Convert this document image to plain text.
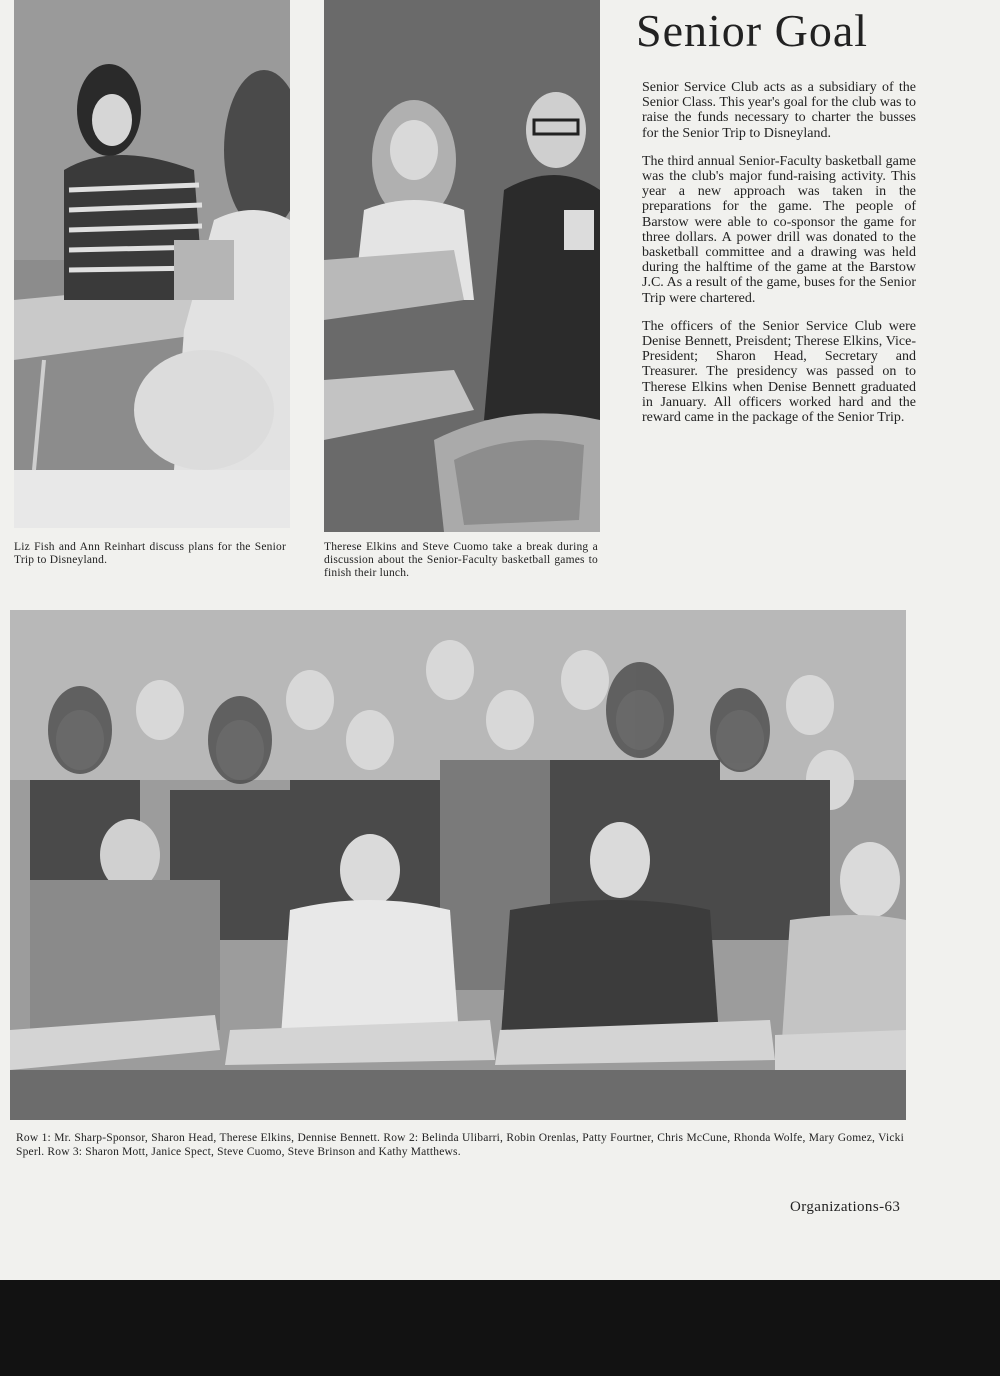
Liz Fish and Ann Reinhart discuss plans for the Senior Trip to Disneyland.
Therese Elkins and Steve Cuomo take a break during a discussion about the Senior-Faculty basketball games to finish their lunch.
Senior Goal

Senior Service Club acts as a subsidiary of the Senior Class. This year's goal for the club was to raise the funds necessary to charter the busses for the Senior Trip to Disneyland.

The third annual Senior-Faculty basketball game was the club's major fund-raising activity. This year a new approach was taken in the preparations for the game. The people of Barstow were able to co-sponsor the game for three dollars. A power drill was donated to the basketball committee and a drawing was held during the halftime of the game at the Barstow J.C. As a result of the game, buses for the Senior Trip were chartered.

The officers of the Senior Service Club were Denise Bennett, Preisdent; Therese Elkins, Vice-President; Sharon Head, Secretary and Treasurer. The presidency was passed on to Therese Elkins when Denise Bennett graduated in January. All officers worked hard and the reward came in the package of the Senior Trip.

Row 1: Mr. Sharp-Sponsor, Sharon Head, Therese Elkins, Dennise Bennett. Row 2: Belinda Ulibarri, Robin Orenlas, Patty Fourtner, Chris McCune, Rhonda Wolfe, Mary Gomez, Vicki Sperl. Row 3: Sharon Mott, Janice Spect, Steve Cuomo, Steve Brinson and Kathy Matthews.
Organizations-63
